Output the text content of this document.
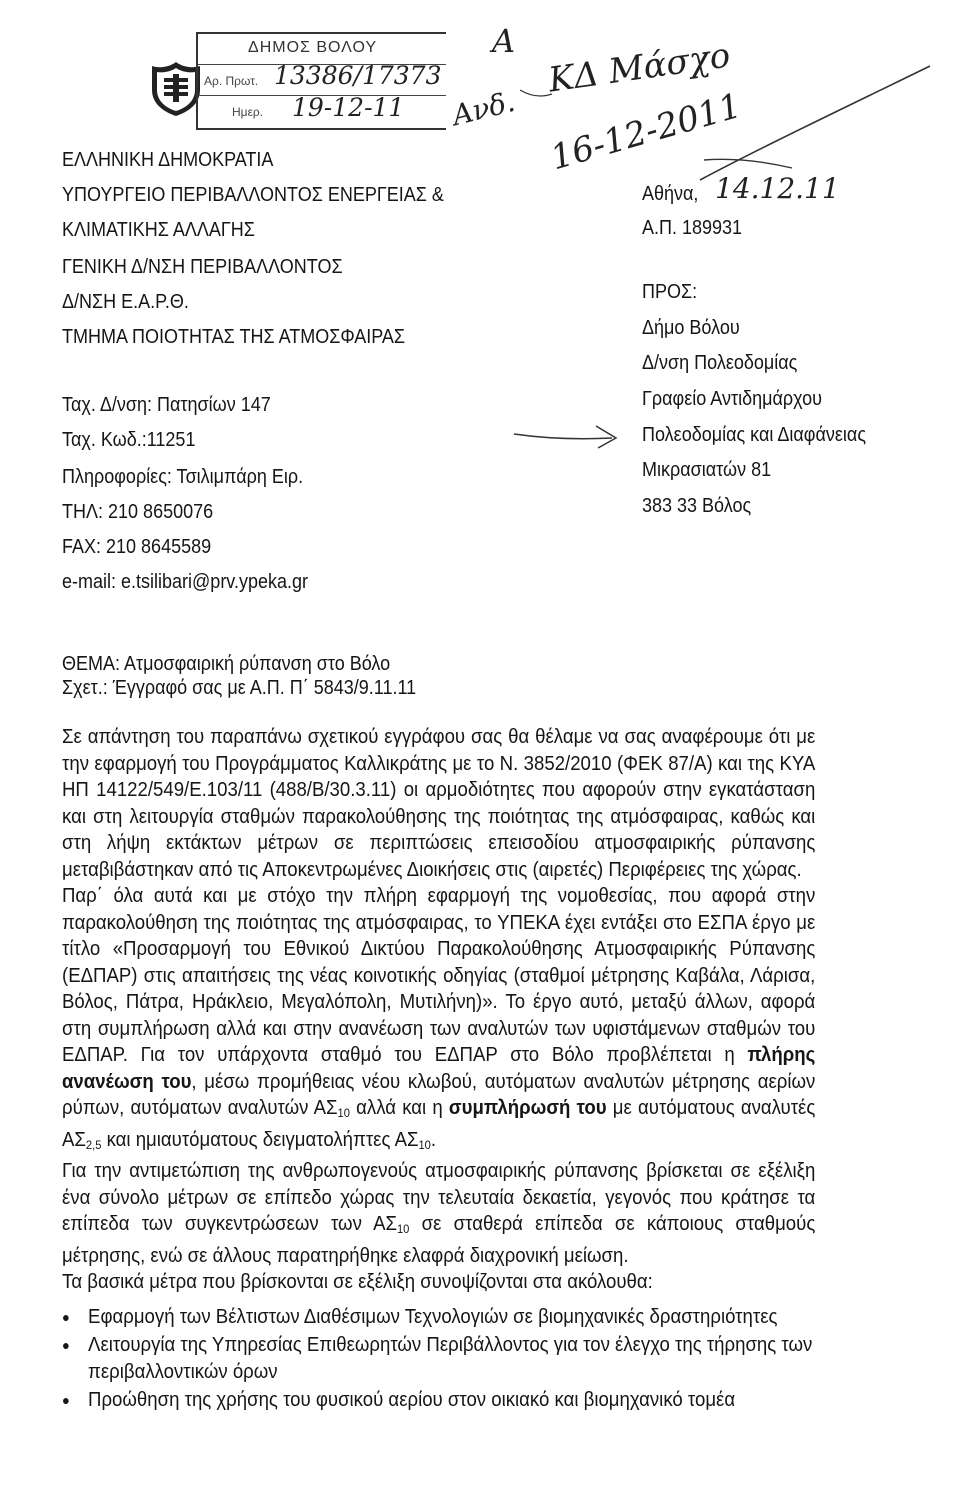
ΔΗΜΟΣ ΒΟΛΟΥ
Αρ. Πρωτ. 13386/17373
Ημερ. 19-12-11
A ΚΔ Μάσχο
Ανδ. 16-12-2011
ΕΛΛΗΝΙΚΗ ΔΗΜΟΚΡΑΤΙΑ
ΥΠΟΥΡΓΕΙΟ ΠΕΡΙΒΑΛΛΟΝΤΟΣ ΕΝΕΡΓΕΙΑΣ &
ΚΛΙΜΑΤΙΚΗΣ ΑΛΛΑΓΗΣ
ΓΕΝΙΚΗ Δ/ΝΣΗ ΠΕΡΙΒΑΛΛΟΝΤΟΣ
Δ/ΝΣΗ Ε.Α.Ρ.Θ.
ΤΜΗΜΑ ΠΟΙΟΤΗΤΑΣ ΤΗΣ ΑΤΜΟΣΦΑΙΡΑΣ
Ταχ. Δ/νση: Πατησίων 147
Ταχ. Κωδ.:11251
Πληροφορίες: Τσιλιμπάρη Ειρ.
ΤΗΛ: 210 8650076
FAX: 210 8645589
e-mail: e.tsilibari@prv.ypeka.gr
Αθήνα, 14.12.11
Α.Π. 189931
ΠΡΟΣ:
Δήμο Βόλου
Δ/νση Πολεοδομίας
Γραφείο Αντιδημάρχου
Πολεοδομίας και Διαφάνειας
Μικρασιατών 81
383 33 Βόλος
ΘΕΜΑ: Ατμοσφαιρική ρύπανση στο Βόλο
Σχετ.: Έγγραφό σας με Α.Π. Π΄ 5843/9.11.11

Σε απάντηση του παραπάνω σχετικού εγγράφου σας θα θέλαμε να σας αναφέρουμε ότι με την εφαρμογή του Προγράμματος Καλλικράτης με το Ν. 3852/2010 (ΦΕΚ 87/Α) και της ΚΥΑ ΗΠ 14122/549/Ε.103/11 (488/Β/30.3.11) οι αρμοδιότητες που αφορούν στην εγκατάσταση και στη λειτουργία σταθμών παρακολούθησης της ποιότητας της ατμόσφαιρας, καθώς και στη λήψη εκτάκτων μέτρων σε περιπτώσεις επεισοδίου ατμοσφαιρικής ρύπανσης μεταβιβάστηκαν από τις Αποκεντρωμένες Διοικήσεις στις (αιρετές) Περιφέρειες της χώρας.

Παρ΄ όλα αυτά και με στόχο την πλήρη εφαρμογή της νομοθεσίας, που αφορά στην παρακολούθηση της ποιότητας της ατμόσφαιρας, το ΥΠΕΚΑ έχει εντάξει στο ΕΣΠΑ έργο με τίτλο «Προσαρμογή του Εθνικού Δικτύου Παρακολούθησης Ατμοσφαιρικής Ρύπανσης (ΕΔΠΑΡ) στις απαιτήσεις της νέας κοινοτικής οδηγίας (σταθμοί μέτρησης Καβάλα, Λάρισα, Βόλος, Πάτρα, Ηράκλειο, Μεγαλόπολη, Μυτιλήνη)». Το έργο αυτό, μεταξύ άλλων, αφορά στη συμπλήρωση αλλά και στην ανανέωση των αναλυτών των υφιστάμενων σταθμών του ΕΔΠΑΡ. Για τον υπάρχοντα σταθμό του ΕΔΠΑΡ στο Βόλο προβλέπεται η πλήρης ανανέωση του, μέσω προμήθειας νέου κλωβού, αυτόματων αναλυτών μέτρησης αερίων ρύπων, αυτόματων αναλυτών $A\Sigma_{10}$ αλλά και η συμπλήρωσή του με αυτόματους αναλυτές $A\Sigma_{2,5}$ και ημιαυτόματους δειγματολήπτες $A\Sigma_{10}$.

Για την αντιμετώπιση της ανθρωπογενούς ατμοσφαιρικής ρύπανσης βρίσκεται σε εξέλιξη ένα σύνολο μέτρων σε επίπεδο χώρας την τελευταία δεκαετία, γεγονός που κράτησε τα επίπεδα των συγκεντρώσεων των $A\Sigma_{10}$ σε σταθερά επίπεδα σε κάποιους σταθμούς μέτρησης, ενώ σε άλλους παρατηρήθηκε ελαφρά διαχρονική μείωση.

Τα βασικά μέτρα που βρίσκονται σε εξέλιξη συνοψίζονται στα ακόλουθα:

● Εφαρμογή των Βέλτιστων Διαθέσιμων Τεχνολογιών σε βιομηχανικές δραστηριότητες
● Λειτουργία της Υπηρεσίας Επιθεωρητών Περιβάλλοντος για τον έλεγχο της τήρησης των περιβαλλοντικών όρων
● Προώθηση της χρήσης του φυσικού αερίου στον οικιακό και βιομηχανικό τομέα
